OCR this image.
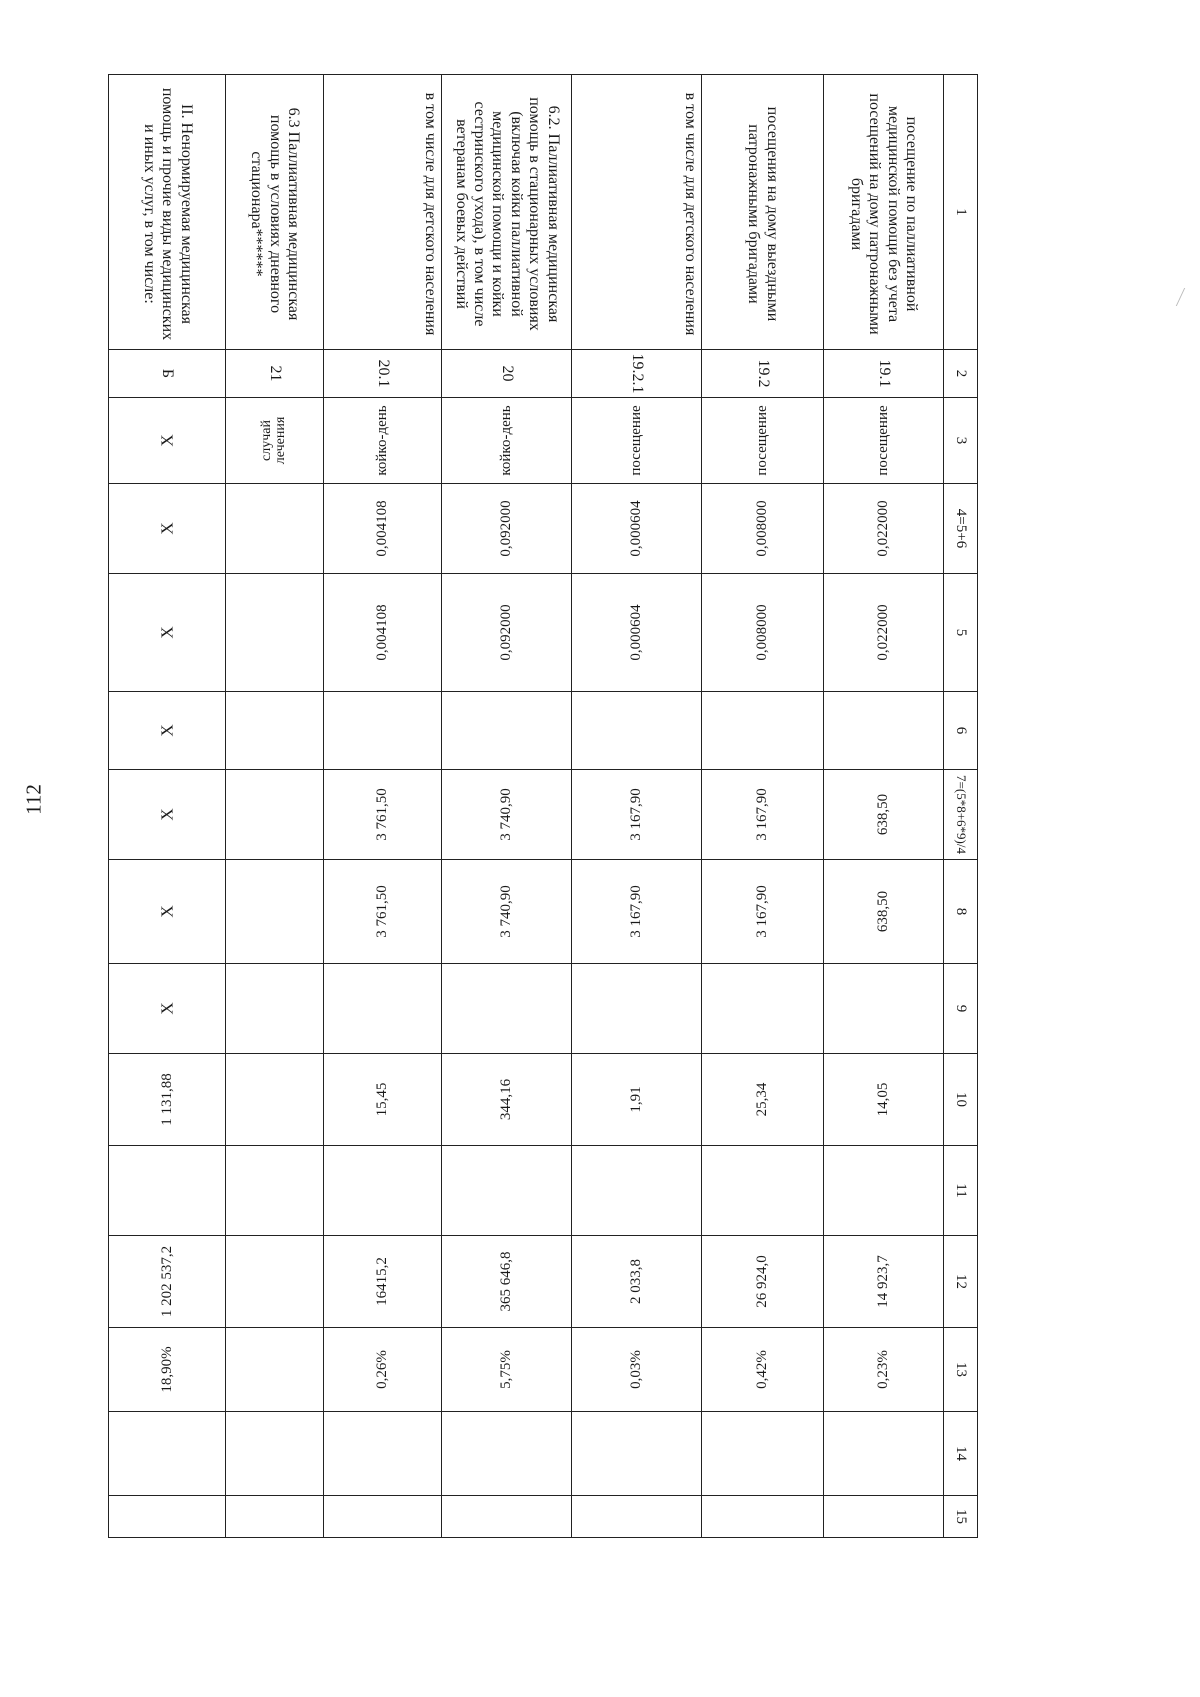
112
1	2	3	4=5+6	5	6	7=(5*8+6*9)/4	8	9	10	11	12	13	14	15
посещение по паллиативной медицинской помощи без учета посещений на дому патронажными бригадами	19.1	посещение	0,022000	0,022000		638,50	638,50		14,05		14 923,7	0,23%		

посещения на дому выездными патронажными бригадами	19.2	посещение	0,008000	0,008000		3 167,90	3 167,90		25,34		26 924,0	0,42%		

в том числе для детского населения	19.2.1	посещение	0,000604	0,000604		3 167,90	3 167,90		1,91		2 033,8	0,03%		

6.2. Паллиативная медицинская помощь в стационарных условиях (включая койки паллиативной медицинской помощи и койки сестринского ухода), в том числе ветеранам боевых действий	20	койко-день	0,092000	0,092000		3 740,90	3 740,90		344,16		365 646,8	5,75%		

в том числе для детского населения	20.1	койко-день	0,004108	0,004108		3 761,50	3 761,50		15,45		16415,2	0,26%		

6.3 Паллиативная медицинская помощь в условиях дневного стационара******	21	случай лечения												

II. Ненормируемая медицинская помощь и прочие виды медицинских и иных услуг, в том числе:	Б	Х	Х	Х	Х	Х	Х	Х	1 131,88		1 202 537,2	18,90%		
